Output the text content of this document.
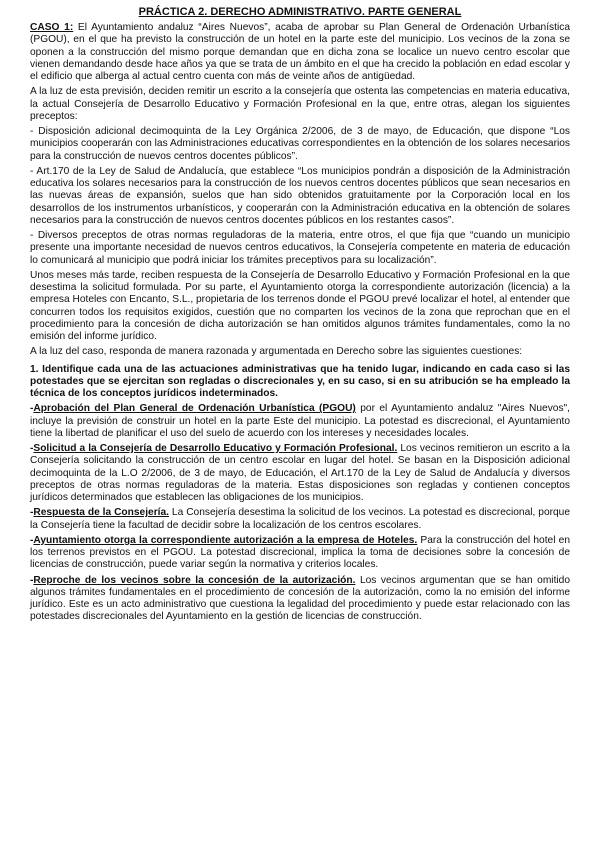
PRÁCTICA 2. DERECHO ADMINISTRATIVO. PARTE GENERAL

CASO 1: El Ayuntamiento andaluz “Aires Nuevos”, acaba de aprobar su Plan General de Ordenación Urbanística (PGOU), en el que ha previsto la construcción de un hotel en la parte este del municipio. Los vecinos de la zona se oponen a la construcción del mismo porque demandan que en dicha zona se localice un nuevo centro escolar que vienen demandando desde hace años ya que se trata de un ámbito en el que ha crecido la población en edad escolar y el edificio que alberga al actual centro cuenta con más de veinte años de antigüedad.

A la luz de esta previsión, deciden remitir un escrito a la consejería que ostenta las competencias en materia educativa, la actual Consejería de Desarrollo Educativo y Formación Profesional en la que, entre otras, alegan los siguientes preceptos:

- Disposición adicional decimoquinta de la Ley Orgánica 2/2006, de 3 de mayo, de Educación, que dispone “Los municipios cooperarán con las Administraciones educativas correspondientes en la obtención de los solares necesarios para la construcción de nuevos centros docentes públicos”.

- Art.170 de la Ley de Salud de Andalucía, que establece “Los municipios pondrán a disposición de la Administración educativa los solares necesarios para la construcción de los nuevos centros docentes públicos que sean necesarios en las nuevas áreas de expansión, suelos que han sido obtenidos gratuitamente por la Corporación local en los desarrollos de los instrumentos urbanísticos, y cooperarán con la Administración educativa en la obtención de solares necesarios para la construcción de nuevos centros docentes públicos en los restantes casos”.

- Diversos preceptos de otras normas reguladoras de la materia, entre otros, el que fija que “cuando un municipio presente una importante necesidad de nuevos centros educativos, la Consejería competente en materia de educación lo comunicará al municipio que podrá iniciar los trámites preceptivos para su localización”.

Unos meses más tarde, reciben respuesta de la Consejería de Desarrollo Educativo y Formación Profesional en la que desestima la solicitud formulada. Por su parte, el Ayuntamiento otorga la correspondiente autorización (licencia) a la empresa Hoteles con Encanto, S.L., propietaria de los terrenos donde el PGOU prevé localizar el hotel, al entender que concurren todos los requisitos exigidos, cuestión que no comparten los vecinos de la zona que reprochan que en el procedimiento para la concesión de dicha autorización se han omitidos algunos trámites fundamentales, como la no emisión del informe jurídico.

A la luz del caso, responda de manera razonada y argumentada en Derecho sobre las siguientes cuestiones:

1. Identifique cada una de las actuaciones administrativas que ha tenido lugar, indicando en cada caso si las potestades que se ejercitan son regladas o discrecionales y, en su caso, si en su atribución se ha empleado la técnica de los conceptos jurídicos indeterminados.

-Aprobación del Plan General de Ordenación Urbanística (PGOU) por el Ayuntamiento andaluz "Aires Nuevos", incluye la previsión de construir un hotel en la parte Este del municipio. La potestad es discrecional, el Ayuntamiento tiene la libertad de planificar el uso del suelo de acuerdo con los intereses y necesidades locales.

-Solicitud a la Consejería de Desarrollo Educativo y Formación Profesional. Los vecinos remitieron un escrito a la Consejería solicitando la construcción de un centro escolar en lugar del hotel. Se basan en la Disposición adicional decimoquinta de la L.O 2/2006, de 3 de mayo, de Educación, el Art.170 de la Ley de Salud de Andalucía y diversos preceptos de otras normas reguladoras de la materia. Estas disposiciones son regladas y contienen conceptos jurídicos determinados que establecen las obligaciones de los municipios.

-Respuesta de la Consejería. La Consejería desestima la solicitud de los vecinos. La potestad es discrecional, porque la Consejería tiene la facultad de decidir sobre la localización de los centros escolares.

-Ayuntamiento otorga la correspondiente autorización a la empresa de Hoteles. Para la construcción del hotel en los terrenos previstos en el PGOU. La potestad discrecional, implica la toma de decisiones sobre la concesión de licencias de construcción, puede variar según la normativa y criterios locales.

-Reproche de los vecinos sobre la concesión de la autorización. Los vecinos argumentan que se han omitido algunos trámites fundamentales en el procedimiento de concesión de la autorización, como la no emisión del informe jurídico. Este es un acto administrativo que cuestiona la legalidad del procedimiento y puede estar relacionado con las potestades discrecionales del Ayuntamiento en la gestión de licencias de construcción.
